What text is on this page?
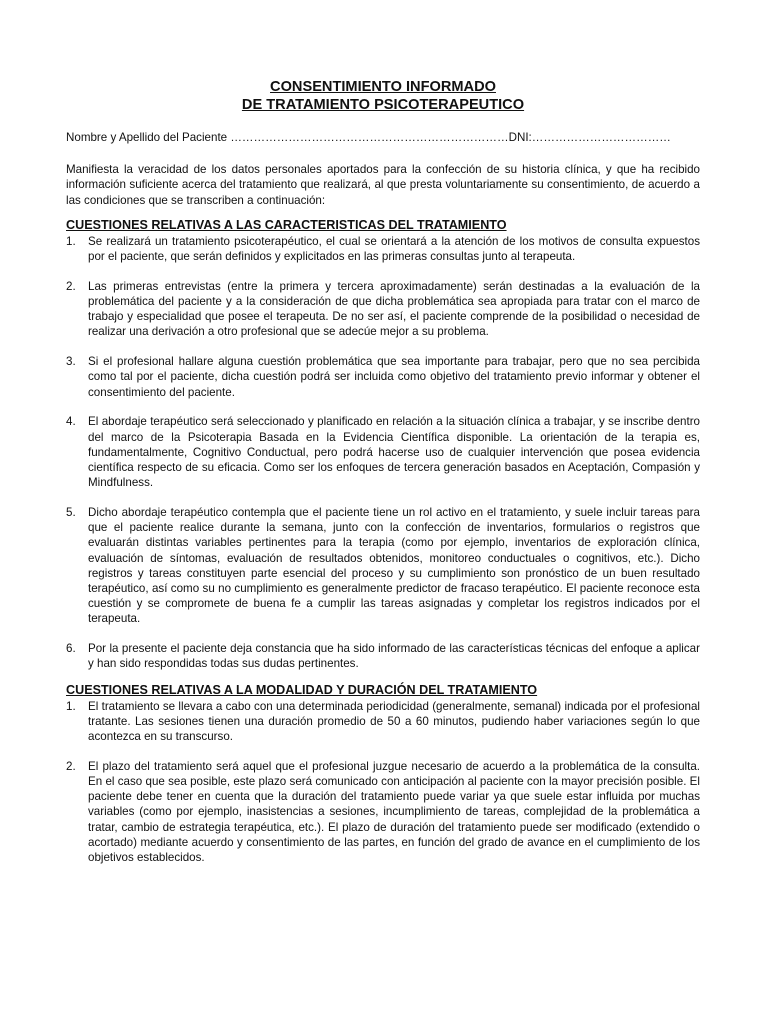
CONSENTIMIENTO INFORMADO
DE TRATAMIENTO PSICOTERAPEUTICO
Nombre y Apellido del Paciente ………………………………………………………………DNI:………………………………

Manifiesta la veracidad de los datos personales aportados para la confección de su historia clínica, y que ha recibido información suficiente acerca del tratamiento que realizará, al que presta voluntariamente su consentimiento, de acuerdo a las condiciones que se transcriben a continuación:

CUESTIONES RELATIVAS A LAS CARACTERISTICAS DEL TRATAMIENTO
1. Se realizará un tratamiento psicoterapéutico, el cual se orientará a la atención de los motivos de consulta expuestos por el paciente, que serán definidos y explicitados en las primeras consultas junto al terapeuta.
2. Las primeras entrevistas (entre la primera y tercera aproximadamente) serán destinadas a la evaluación de la problemática del paciente y a la consideración de que dicha problemática sea apropiada para tratar con el marco de trabajo y especialidad que posee el terapeuta. De no ser así, el paciente comprende de la posibilidad o necesidad de realizar una derivación a otro profesional que se adecúe mejor a su problema.
3. Si el profesional hallare alguna cuestión problemática que sea importante para trabajar, pero que no sea percibida como tal por el paciente, dicha cuestión podrá ser incluida como objetivo del tratamiento previo informar y obtener el consentimiento del paciente.
4. El abordaje terapéutico será seleccionado y planificado en relación a la situación clínica a trabajar, y se inscribe dentro del marco de la Psicoterapia Basada en la Evidencia Científica disponible. La orientación de la terapia es, fundamentalmente, Cognitivo Conductual, pero podrá hacerse uso de cualquier intervención que posea evidencia científica respecto de su eficacia. Como ser los enfoques de tercera generación basados en Aceptación, Compasión y Mindfulness.
5. Dicho abordaje terapéutico contempla que el paciente tiene un rol activo en el tratamiento, y suele incluir tareas para que el paciente realice durante la semana, junto con la confección de inventarios, formularios o registros que evaluarán distintas variables pertinentes para la terapia (como por ejemplo, inventarios de exploración clínica, evaluación de síntomas, evaluación de resultados obtenidos, monitoreo conductuales o cognitivos, etc.). Dicho registros y tareas constituyen parte esencial del proceso y su cumplimiento son pronóstico de un buen resultado terapéutico, así como su no cumplimiento es generalmente predictor de fracaso terapéutico. El paciente reconoce esta cuestión y se compromete de buena fe a cumplir las tareas asignadas y completar los registros indicados por el terapeuta.
6. Por la presente el paciente deja constancia que ha sido informado de las características técnicas del enfoque a aplicar y han sido respondidas todas sus dudas pertinentes.
CUESTIONES RELATIVAS A LA MODALIDAD Y DURACIÓN DEL TRATAMIENTO
1. El tratamiento se llevara a cabo con una determinada periodicidad (generalmente, semanal) indicada por el profesional tratante. Las sesiones tienen una duración promedio de 50 a 60 minutos, pudiendo haber variaciones según lo que acontezca en su transcurso.
2. El plazo del tratamiento será aquel que el profesional juzgue necesario de acuerdo a la problemática de la consulta. En el caso que sea posible, este plazo será comunicado con anticipación al paciente con la mayor precisión posible. El paciente debe tener en cuenta que la duración del tratamiento puede variar ya que suele estar influida por muchas variables (como por ejemplo, inasistencias a sesiones, incumplimiento de tareas, complejidad de la problemática a tratar, cambio de estrategia terapéutica, etc.). El plazo de duración del tratamiento puede ser modificado (extendido o acortado) mediante acuerdo y consentimiento de las partes, en función del grado de avance en el cumplimiento de los objetivos establecidos.
